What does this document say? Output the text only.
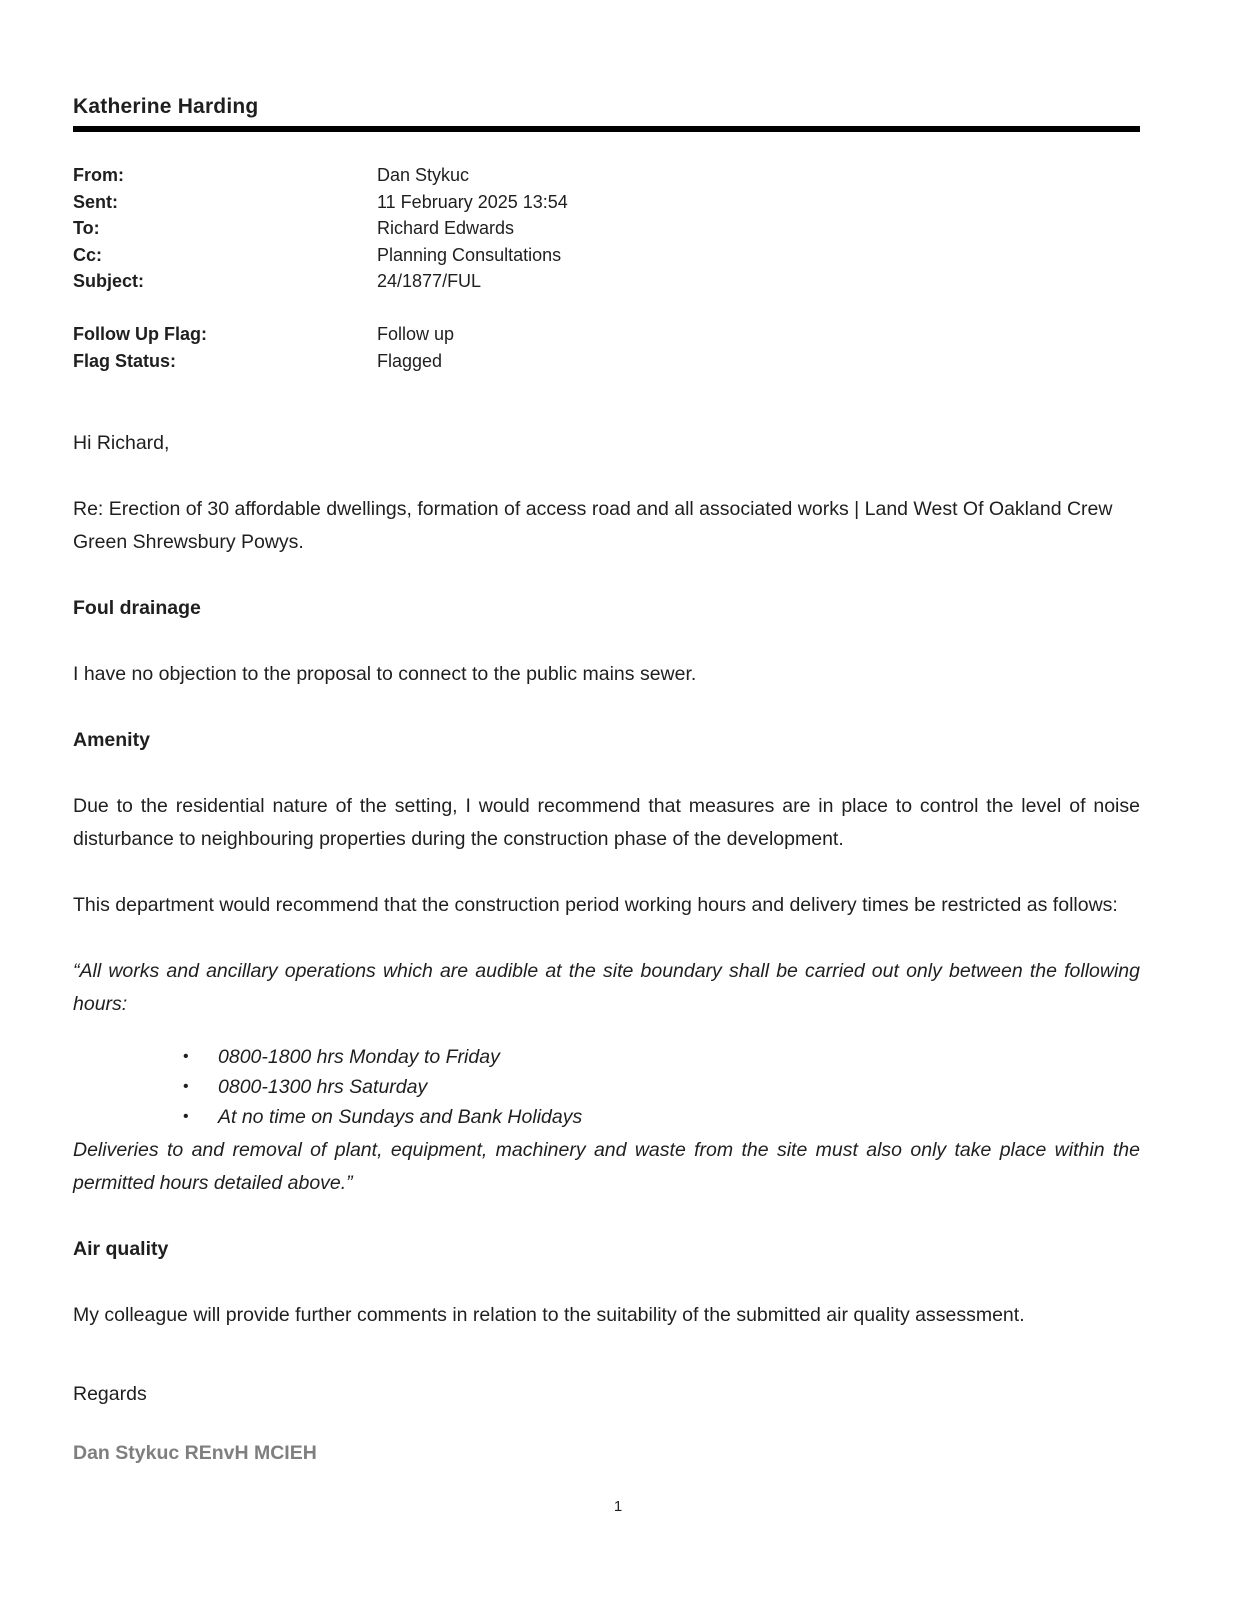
Katherine Harding
From:	Dan Stykuc
Sent:	11 February 2025 13:54
To:	Richard Edwards
Cc:	Planning Consultations
Subject:	24/1877/FUL
Follow Up Flag:	Follow up
Flag Status:	Flagged

Hi Richard,

Re: Erection of 30 affordable dwellings, formation of access road and all associated works | Land West Of Oakland Crew Green Shrewsbury Powys.

Foul drainage

I have no objection to the proposal to connect to the public mains sewer.

Amenity

Due to the residential nature of the setting, I would recommend that measures are in place to control the level of noise disturbance to neighbouring properties during the construction phase of the development.

This department would recommend that the construction period working hours and delivery times be restricted as follows:

“All works and ancillary operations which are audible at the site boundary shall be carried out only between the following hours:

•	0800-1800 hrs Monday to Friday
•	0800-1300 hrs Saturday
•	At no time on Sundays and Bank Holidays

Deliveries to and removal of plant, equipment, machinery and waste from the site must also only take place within the permitted hours detailed above.”

Air quality

My colleague will provide further comments in relation to the suitability of the submitted air quality assessment.

Regards

Dan Stykuc REnvH MCIEH

1
